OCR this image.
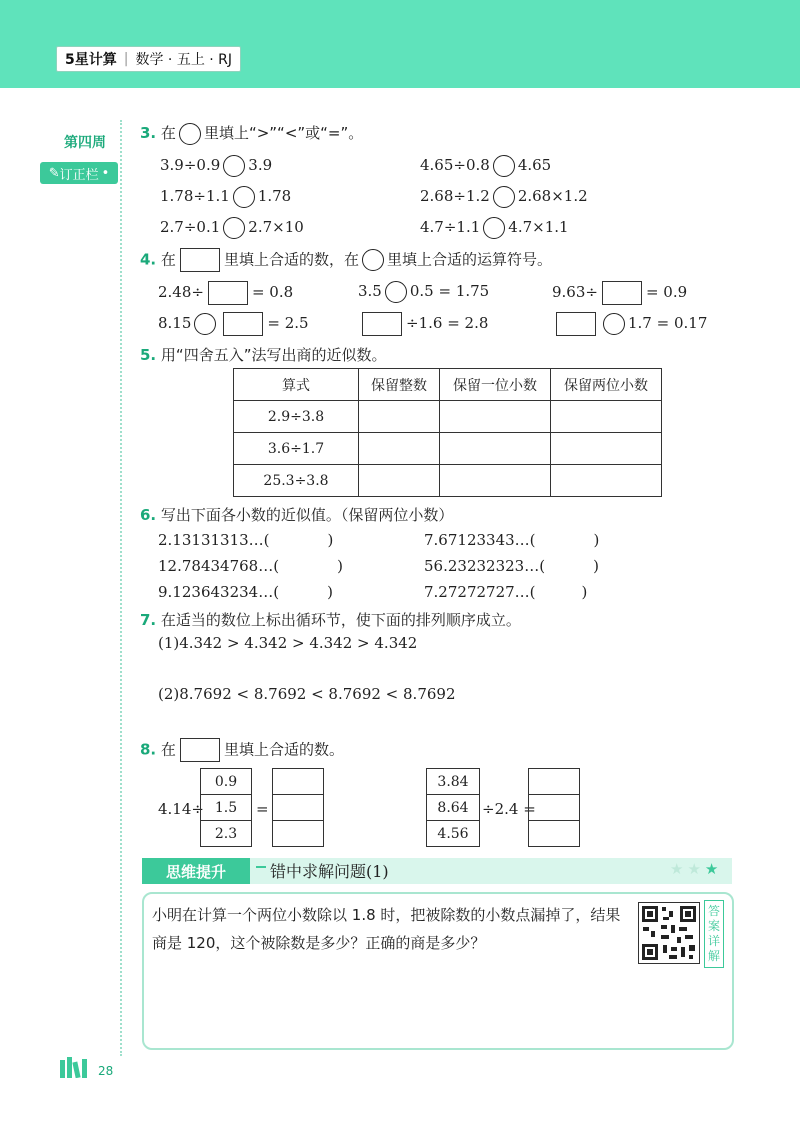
5星计算 | 数学 · 五上 · RJ
第四周
✎ 订正栏 •
3. 在 里填上“>”“<”或“=”。
3.9÷0.9 3.9	4.65÷0.8 4.65
1.78÷1.1 1.78	2.68÷1.2 2.68×1.2
2.7÷0.1 2.7×10	4.7÷1.1 4.7×1.1
4. 在	里填上合适的数，在 里填上合适的运算符号。
2.48÷	= 0.8	3.5 0.5 = 1.75	9.63÷	= 0.9
8.15	= 2.5	÷1.6 = 2.8	1.7 = 0.17
5. 用“四舍五入”法写出商的近似数。
算式	保留整数	保留一位小数	保留两位小数
2.9÷3.8			
3.6÷1.7			
25.3÷3.8			
6. 写出下面各小数的近似值。（保留两位小数）
2.13131313…(	)	7.67123343…(	)
12.78434768…(	)	56.23232323…(	)
9.123643234…(	)	7.27272727…(	)
7. 在适当的数位上标出循环节，使下面的排列顺序成立。
(1)4.342 > 4.342 > 4.342 > 4.342
(2)8.7692 < 8.7692 < 8.7692 < 8.7692
8. 在	里填上合适的数。
4.14÷
0.9
1.5
2.3
=
3.84
8.64
4.56
÷2.4 =
思维提升	错中求解问题(1)	★★★
小明在计算一个两位小数除以 1.8 时，把被除数的小数点漏掉了，结果
商是 120，这个被除数是多少？正确的商是多少？
答
案
详
解
28
